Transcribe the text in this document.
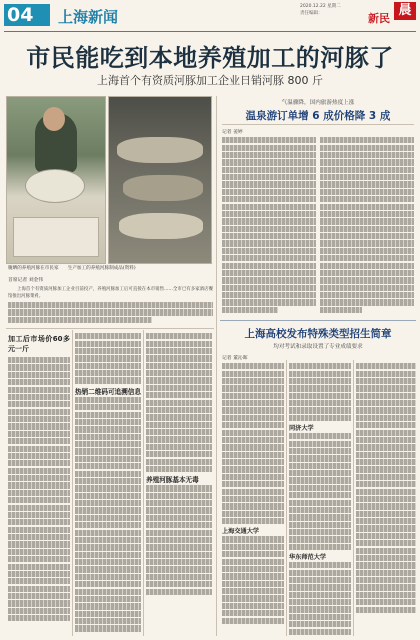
04	上海新闻
2020.12.22 星期二
责任编辑：	新民
晨
市民能吃到本地养殖加工的河豚了
上海首个有资质河豚加工企业日销河豚 800 斤
腌晒的养殖河豚在市民家　　生产加工的养殖河豚制成品(资料)
首席记者 刘金伟

上海首个有资质河豚加工企业目前投产，养殖河豚加工后可直接在本市销售……全市已有多家酒店餐馆推出河豚菜肴。

加工后市场价60多元一斤
热销二维码可追溯信息
养殖河豚基本无毒
气温骤降，国内旅游热度上涨
温泉游订单增 6 成价格降 3 成
记者 姜婷
上海高校发布特殊类型招生简章
均对考试和录取设置了专业成绩要求
记者 董沁晖
上海交通大学
同济大学
华东师范大学
